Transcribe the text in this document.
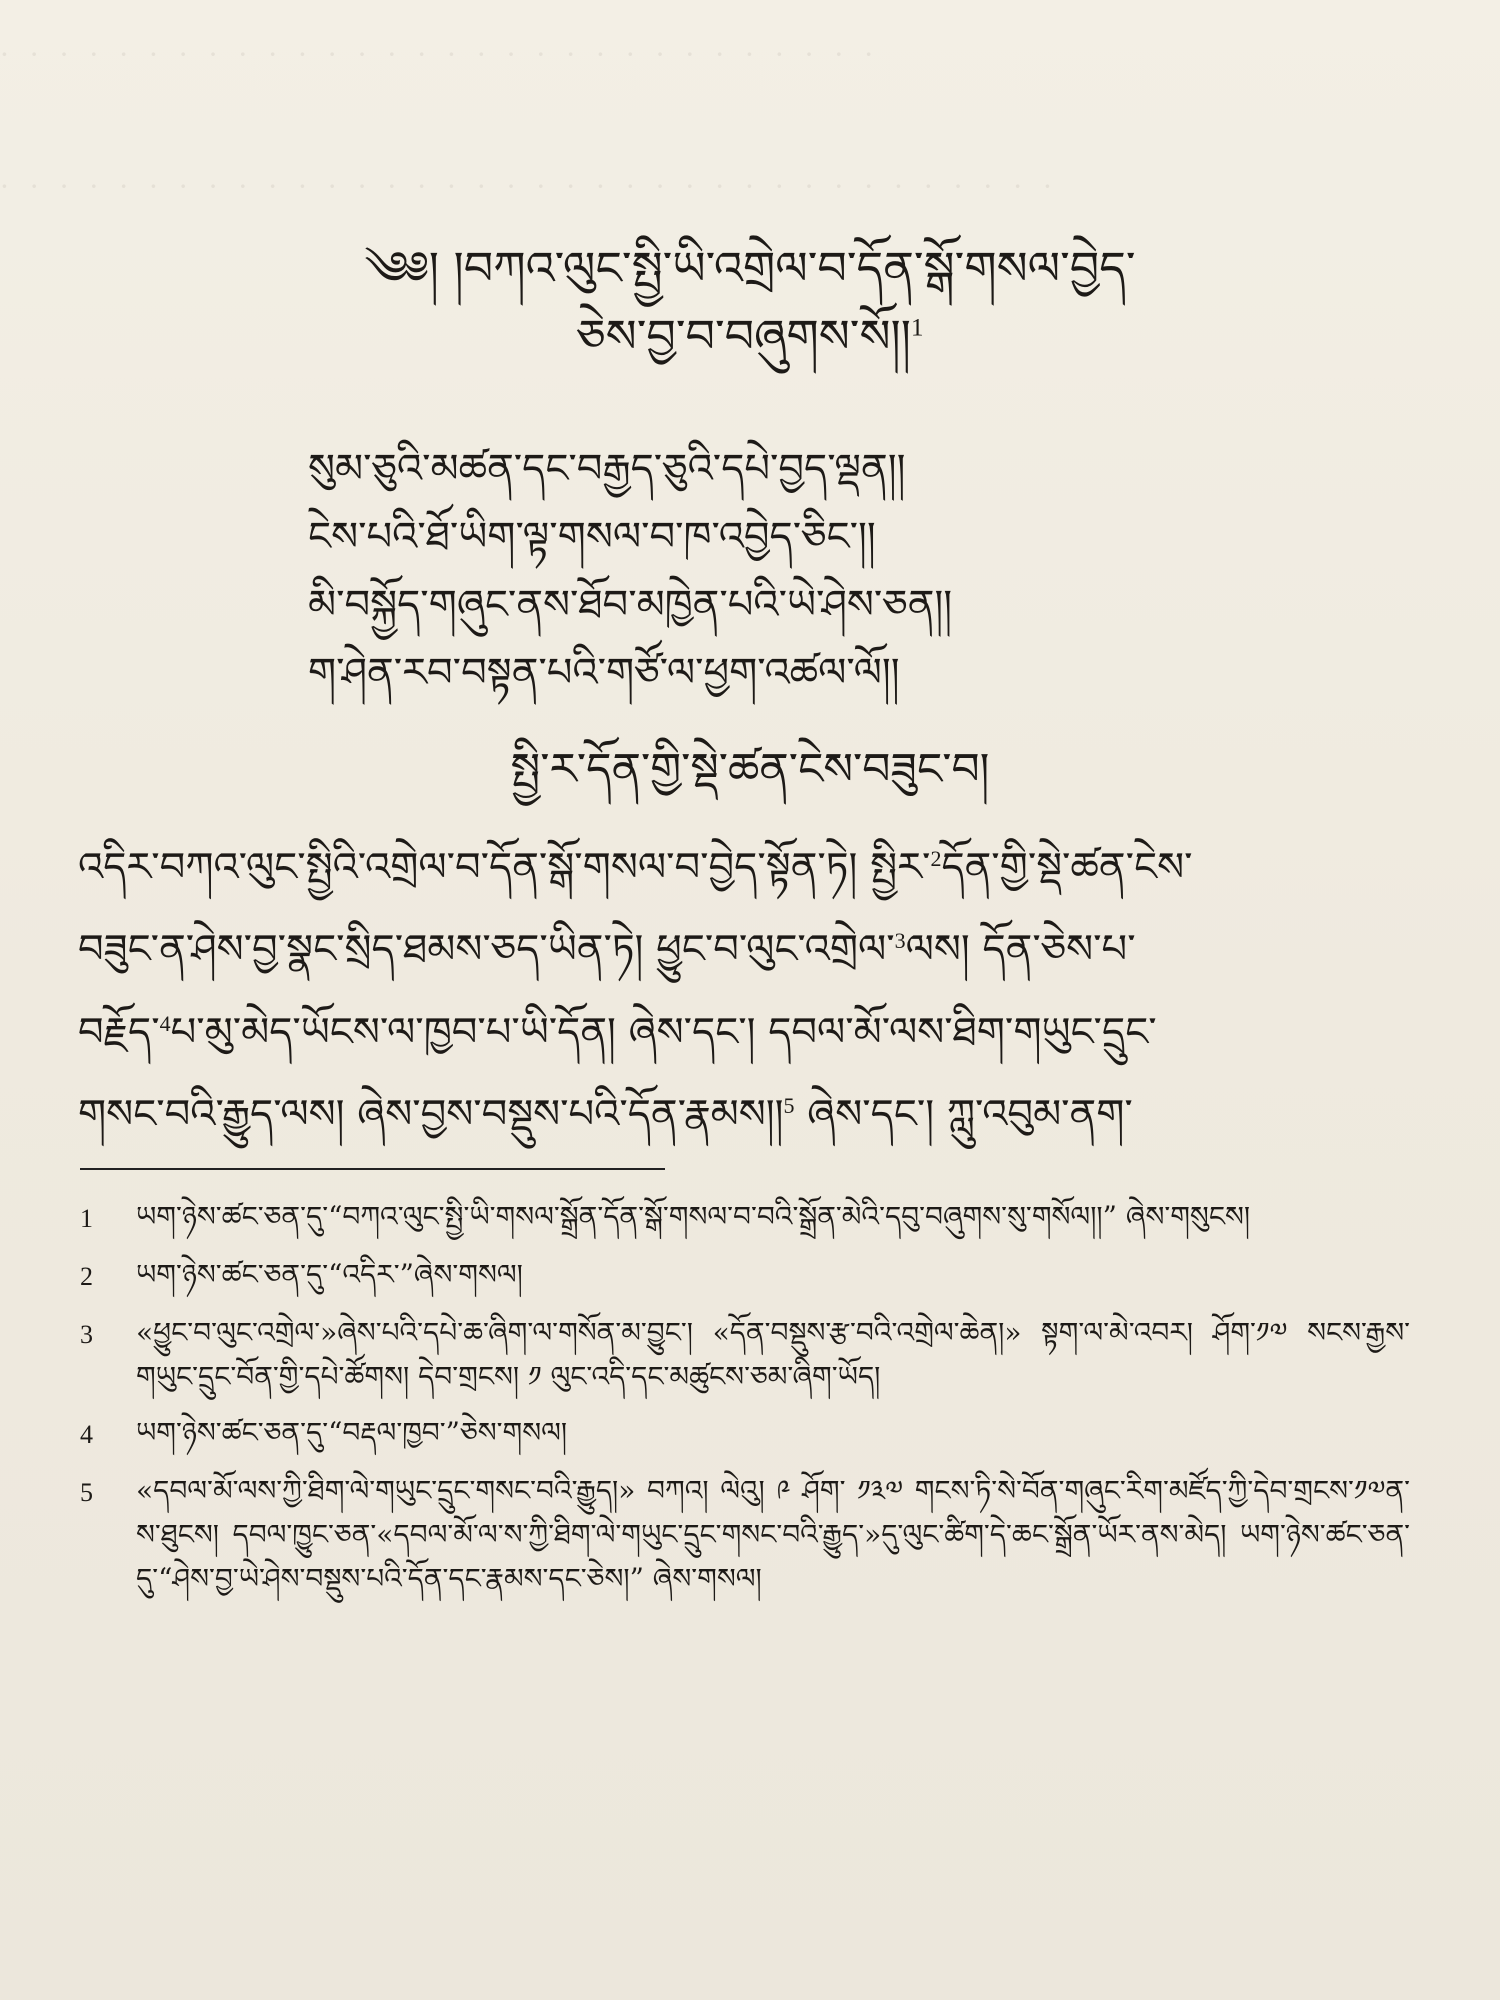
· · · · · · · · · · · · · · · · · · · · · · · · · · · · · ·
· · · · · · · · · · · · · · · · · · · · · · · · · · · · · · · · · · · ·
༄༅། །བཀའ་ལུང་སྤྱི་ཡི་འགྲེལ་བ་དོན་སྒོ་གསལ་བྱེད་
ཅེས་བྱ་བ་བཞུགས་སོ།།$^1$
སུམ་ཅུའི་མཚན་དང་བརྒྱད་ཅུའི་དཔེ་བྱད་ལྡན།།
ངེས་པའི་ཐོ་ཡིག་ལྟ་གསལ་བ་ཁ་འབྱེད་ཅིང་།།
མི་བསྐྱོད་གཞུང་ནས་ཐོབ་མཁྱེན་པའི་ཡེ་ཤེས་ཅན།།
ག་ཤེན་རབ་བསྟན་པའི་གཙོ་ལ་ཕྱག་འཚལ་ལོ།།
སྤྱི་ར་དོན་གྱི་སྡེ་ཚན་ངེས་བཟུང་བ།
འདིར་བཀའ་ལུང་སྤྱིའི་འགྲེལ་བ་དོན་སྒོ་གསལ་བ་བྱེད་སྟོན་ཏེ། སྤྱིར་$^2$དོན་གྱི་སྡེ་ཚན་ངེས་
བཟུང་ན་ཤེས་བྱ་སྣང་སྲིད་ཐམས་ཅད་ཡིན་ཏེ། ཕྱུང་བ་ལུང་འགྲེལ་$^3$ལས། དོན་ཅེས་པ་
བརྗོད་$^4$པ་མུ་མེད་ཡོངས་ལ་ཁྱབ་པ་ཡི་དོན། ཞེས་དང་། དབལ་མོ་ལས་ཐིག་གཡུང་དྲུང་
གསང་བའི་རྒྱུད་ལས། ཞེས་བྱས་བསྡུས་པའི་དོན་རྣམས།།$^5$ ཞེས་དང་། ཀླུ་འབུམ་ནག་
1	ཡག་ཉེས་ཚང་ཅན་དུ་“བཀའ་ལུང་སྤྱི་ཡི་གསལ་སྒྲོན་དོན་སྒོ་གསལ་བ་བའི་སྒྲོན་མེའི་དབུ་བཞུགས་སུ་གསོལ།།” ཞེས་གསུངས།
2	ཡག་ཉེས་ཚང་ཅན་དུ་“འདིར་”ཞེས་གསལ།
3	«ཕྱུང་བ་ལུང་འགྲེལ་»ཞེས་པའི་དཔེ་ཆ་ཞིག་ལ་གསོན་མ་བྱུང་། «དོན་བསྡུས་རྩ་བའི་འགྲེལ་ཆེན།» སྟག་ལ་མེ་འབར། ཤོག་༡༧ སངས་རྒྱས་གཡུང་དྲུང་བོན་གྱི་དཔེ་ཚོགས། དེབ་གྲངས། ༡ ལུང་འདི་དང་མཚུངས་ཅམ་ཞིག་ཡོད།
4	ཡག་ཉེས་ཚང་ཅན་དུ་“བརྡལ་ཁྱབ་”ཅེས་གསལ།
5	«དབལ་མོ་ལས་ཀྱི་ཐིག་ལེ་གཡུང་དྲུང་གསང་བའི་རྒྱུད།» བཀའ། ལེའུ། ༩ ཤོག་ ༡༣༧ གངས་ཏི་སེ་བོན་གཞུང་རིག་མཛོད་ཀྱི་དེབ་གྲངས་༡༧ན་ས་ཐུངས། དབལ་ཁྱུང་ཅན་«དབལ་མོ་ལ་ས་ཀྱི་ཐིག་ལེ་གཡུང་དྲུང་གསང་བའི་རྒྱུད་»དུ་ལུང་ཚིག་དེ་ཆང་སྒྲོན་ཡོར་ནས་མེད། ཡག་ཉེས་ཚང་ཅན་དུ་“ཤེས་བྱ་ཡེ་ཤེས་བསྡུས་པའི་དོན་དང་རྣམས་དང་ཅེས།” ཞེས་གསལ།
